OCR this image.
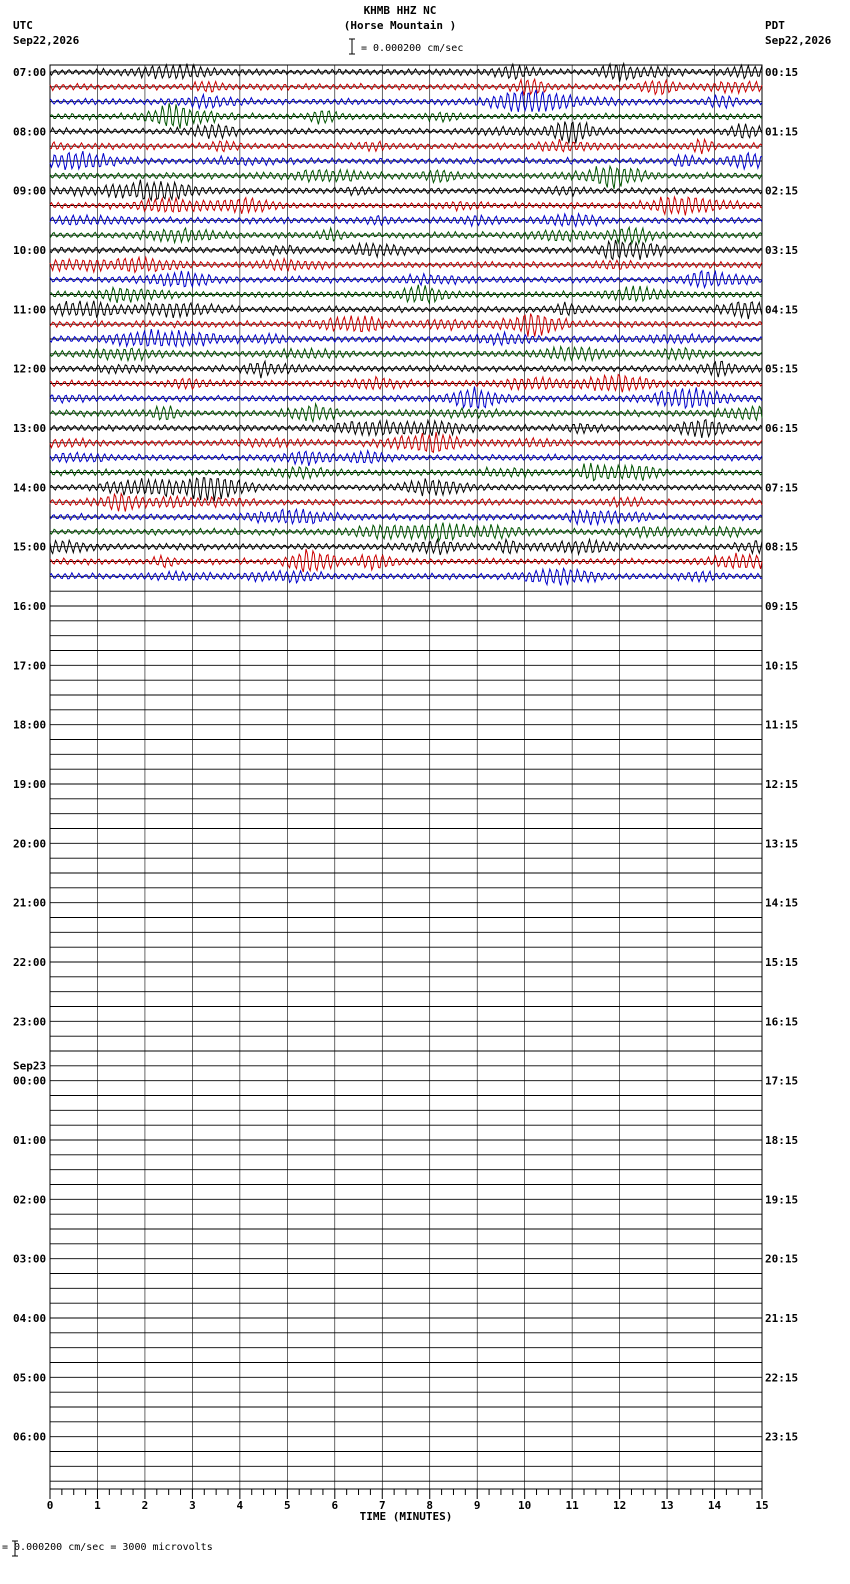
KHMB HHZ NC
(Horse Mountain )
= 0.000200 cm/sec
UTC
Sep22,2026
PDT
Sep22,2026
07:00	00:15
08:00	01:15
09:00	02:15
10:00	03:15
11:00	04:15
12:00	05:15
13:00	06:15
14:00	07:15
15:00	08:15
16:00	09:15
17:00	10:15
18:00	11:15
19:00	12:15
20:00	13:15
21:00	14:15
22:00	15:15
23:00	16:15
00:00	17:15
Sep23
01:00	18:15
02:00	19:15
03:00	20:15
04:00	21:15
05:00	22:15
06:00	23:15
0	1	2	3	4	5	6	7	8	9	10	11	12	13	14	15
TIME (MINUTES)
= 0.000200 cm/sec = 3000 microvolts
